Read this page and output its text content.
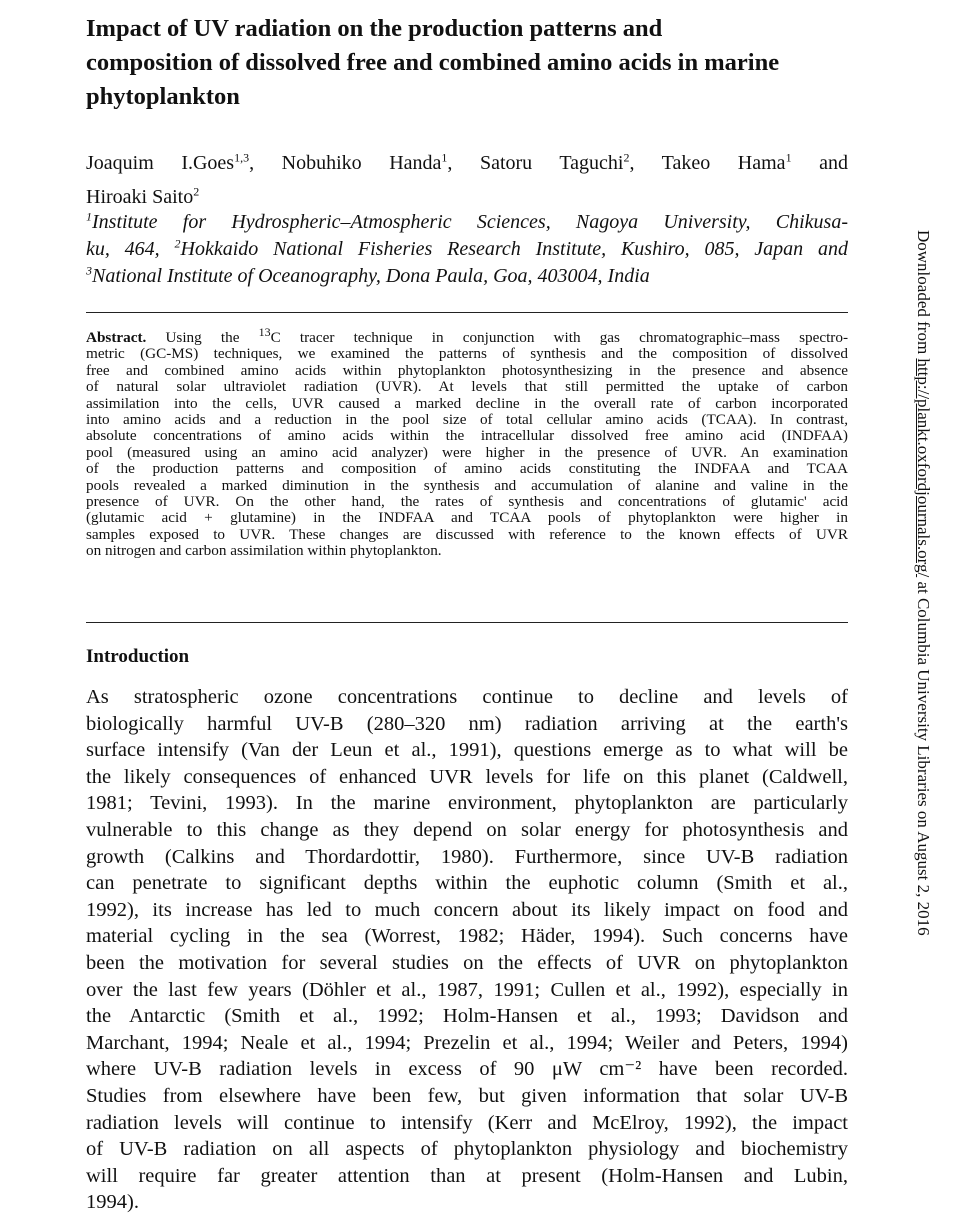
Impact of UV radiation on the production patterns and
composition of dissolved free and combined amino acids in marine
phytoplankton
Joaquim I.Goes$^{1,3}$, Nobuhiko Handa$^1$, Satoru Taguchi$^2$, Takeo Hama$^1$ and
Hiroaki Saito$^2$
$^1$Institute for Hydrospheric–Atmospheric Sciences, Nagoya University, Chikusa-
ku, 464, $^2$Hokkaido National Fisheries Research Institute, Kushiro, 085, Japan and
$^3$National Institute of Oceanography, Dona Paula, Goa, 403004, India
Abstract. Using the $^{13}$C tracer technique in conjunction with gas chromatographic–mass spectro-
metric (GC-MS) techniques, we examined the patterns of synthesis and the composition of dissolved
free and combined amino acids within phytoplankton photosynthesizing in the presence and absence
of natural solar ultraviolet radiation (UVR). At levels that still permitted the uptake of carbon
assimilation into the cells, UVR caused a marked decline in the overall rate of carbon incorporated
into amino acids and a reduction in the pool size of total cellular amino acids (TCAA). In contrast,
absolute concentrations of amino acids within the intracellular dissolved free amino acid (INDFAA)
pool (measured using an amino acid analyzer) were higher in the presence of UVR. An examination
of the production patterns and composition of amino acids constituting the INDFAA and TCAA
pools revealed a marked diminution in the synthesis and accumulation of alanine and valine in the
presence of UVR. On the other hand, the rates of synthesis and concentrations of glutamic' acid
(glutamic acid + glutamine) in the INDFAA and TCAA pools of phytoplankton were higher in
samples exposed to UVR. These changes are discussed with reference to the known effects of UVR
on nitrogen and carbon assimilation within phytoplankton.
Introduction
As stratospheric ozone concentrations continue to decline and levels of
biologically harmful UV-B (280–320 nm) radiation arriving at the earth's
surface intensify (Van der Leun et al., 1991), questions emerge as to what will be
the likely consequences of enhanced UVR levels for life on this planet (Caldwell,
1981; Tevini, 1993). In the marine environment, phytoplankton are particularly
vulnerable to this change as they depend on solar energy for photosynthesis and
growth (Calkins and Thordardottir, 1980). Furthermore, since UV-B radiation
can penetrate to significant depths within the euphotic column (Smith et al.,
1992), its increase has led to much concern about its likely impact on food and
material cycling in the sea (Worrest, 1982; Häder, 1994). Such concerns have
been the motivation for several studies on the effects of UVR on phytoplankton
over the last few years (Döhler et al., 1987, 1991; Cullen et al., 1992), especially in
the Antarctic (Smith et al., 1992; Holm-Hansen et al., 1993; Davidson and
Marchant, 1994; Neale et al., 1994; Prezelin et al., 1994; Weiler and Peters, 1994)
where UV-B radiation levels in excess of 90 μW cm⁻² have been recorded.
Studies from elsewhere have been few, but given information that solar UV-B
radiation levels will continue to intensify (Kerr and McElroy, 1992), the impact
of UV-B radiation on all aspects of phytoplankton physiology and biochemistry
will require far greater attention than at present (Holm-Hansen and Lubin,
1994).
Downloaded from http://plankt.oxfordjournals.org/ at Columbia University Libraries on August 2, 2016
